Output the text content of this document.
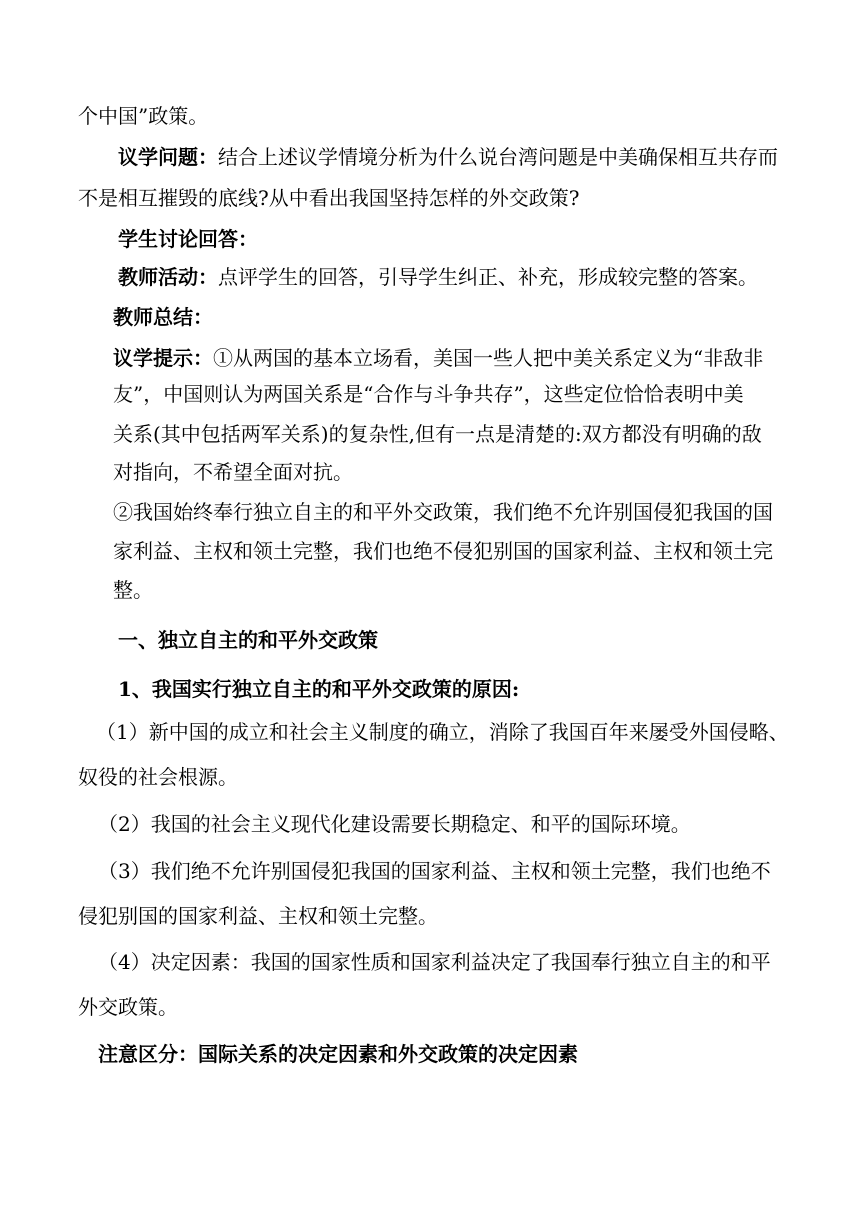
个中国”政策。
议学问题：结合上述议学情境分析为什么说台湾问题是中美确保相互共存而
不是相互摧毁的底线?从中看出我国坚持怎样的外交政策?
学生讨论回答：
教师活动：点评学生的回答，引导学生纠正、补充，形成较完整的答案。
教师总结：
议学提示：①从两国的基本立场看，美国一些人把中美关系定义为“非敌非
友”，中国则认为两国关系是“合作与斗争共存”，这些定位恰恰表明中美
关系(其中包括两军关系)的复杂性,但有一点是清楚的:双方都没有明确的敌
对指向，不希望全面对抗。
②我国始终奉行独立自主的和平外交政策，我们绝不允许别国侵犯我国的国
家利益、主权和领土完整，我们也绝不侵犯别国的国家利益、主权和领土完
整。
一、独立自主的和平外交政策
1、我国实行独立自主的和平外交政策的原因:
（1）新中国的成立和社会主义制度的确立，消除了我国百年来屡受外国侵略、
奴役的社会根源。
（2）我国的社会主义现代化建设需要长期稳定、和平的国际环境。
（3）我们绝不允许别国侵犯我国的国家利益、主权和领土完整，我们也绝不
侵犯别国的国家利益、主权和领土完整。
（4）决定因素：我国的国家性质和国家利益决定了我国奉行独立自主的和平
外交政策。
注意区分：国际关系的决定因素和外交政策的决定因素
